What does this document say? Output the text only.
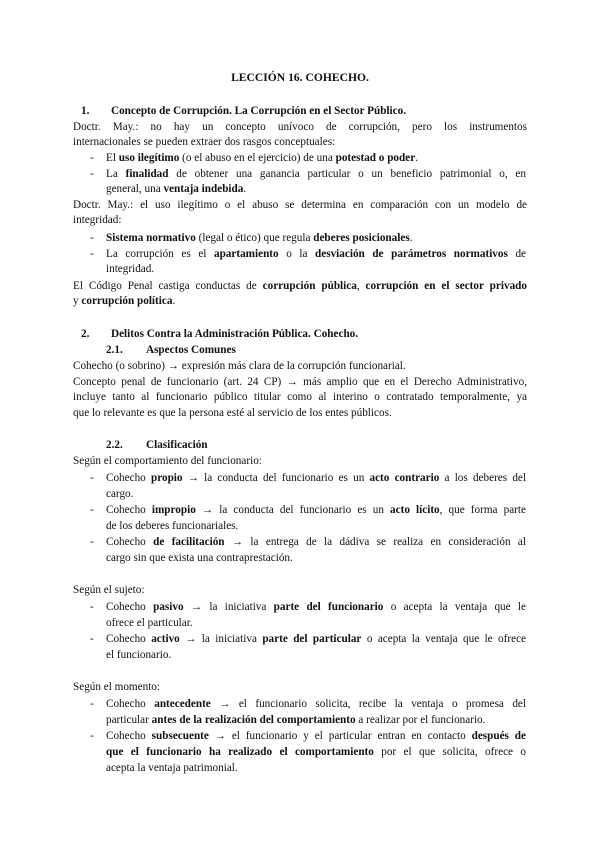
LECCIÓN 16. COHECHO.
1. Concepto de Corrupción. La Corrupción en el Sector Público.
Doctr. May.: no hay un concepto unívoco de corrupción, pero los instrumentos
internacionales se pueden extraer dos rasgos conceptuales:
- El uso ilegítimo (o el abuso en el ejercicio) de una potestad o poder.
- La finalidad de obtener una ganancia particular o un beneficio patrimonial o, en
general, una ventaja indebida.
Doctr. May.: el uso ilegítimo o el abuso se determina en comparación con un modelo de
integridad:
- Sistema normativo (legal o ético) que regula deberes posicionales.
- La corrupción es el apartamiento o la desviación de parámetros normativos de
integridad.
El Código Penal castiga conductas de corrupción pública, corrupción en el sector privado
y corrupción política.
2. Delitos Contra la Administración Pública. Cohecho.
2.1. Aspectos Comunes
Cohecho (o sobrino) → expresión más clara de la corrupción funcionarial.
Concepto penal de funcionario (art. 24 CP) → más amplio que en el Derecho Administrativo,
incluye tanto al funcionario público titular como al interino o contratado temporalmente, ya
que lo relevante es que la persona esté al servicio de los entes públicos.
2.2. Clasificación
Según el comportamiento del funcionario:
- Cohecho propio → la conducta del funcionario es un acto contrario a los deberes del
cargo.
- Cohecho impropio → la conducta del funcionario es un acto lícito, que forma parte
de los deberes funcionariales.
- Cohecho de facilitación → la entrega de la dádiva se realiza en consideración al
cargo sin que exista una contraprestación.
Según el sujeto:
- Cohecho pasivo → la iniciativa parte del funcionario o acepta la ventaja que le
ofrece el particular.
- Cohecho activo → la iniciativa parte del particular o acepta la ventaja que le ofrece
el funcionario.
Según el momento:
- Cohecho antecedente → el funcionario solicita, recibe la ventaja o promesa del
particular antes de la realización del comportamiento a realizar por el funcionario.
- Cohecho subsecuente → el funcionario y el particular entran en contacto después de
que el funcionario ha realizado el comportamiento por el que solicita, ofrece o
acepta la ventaja patrimonial.
